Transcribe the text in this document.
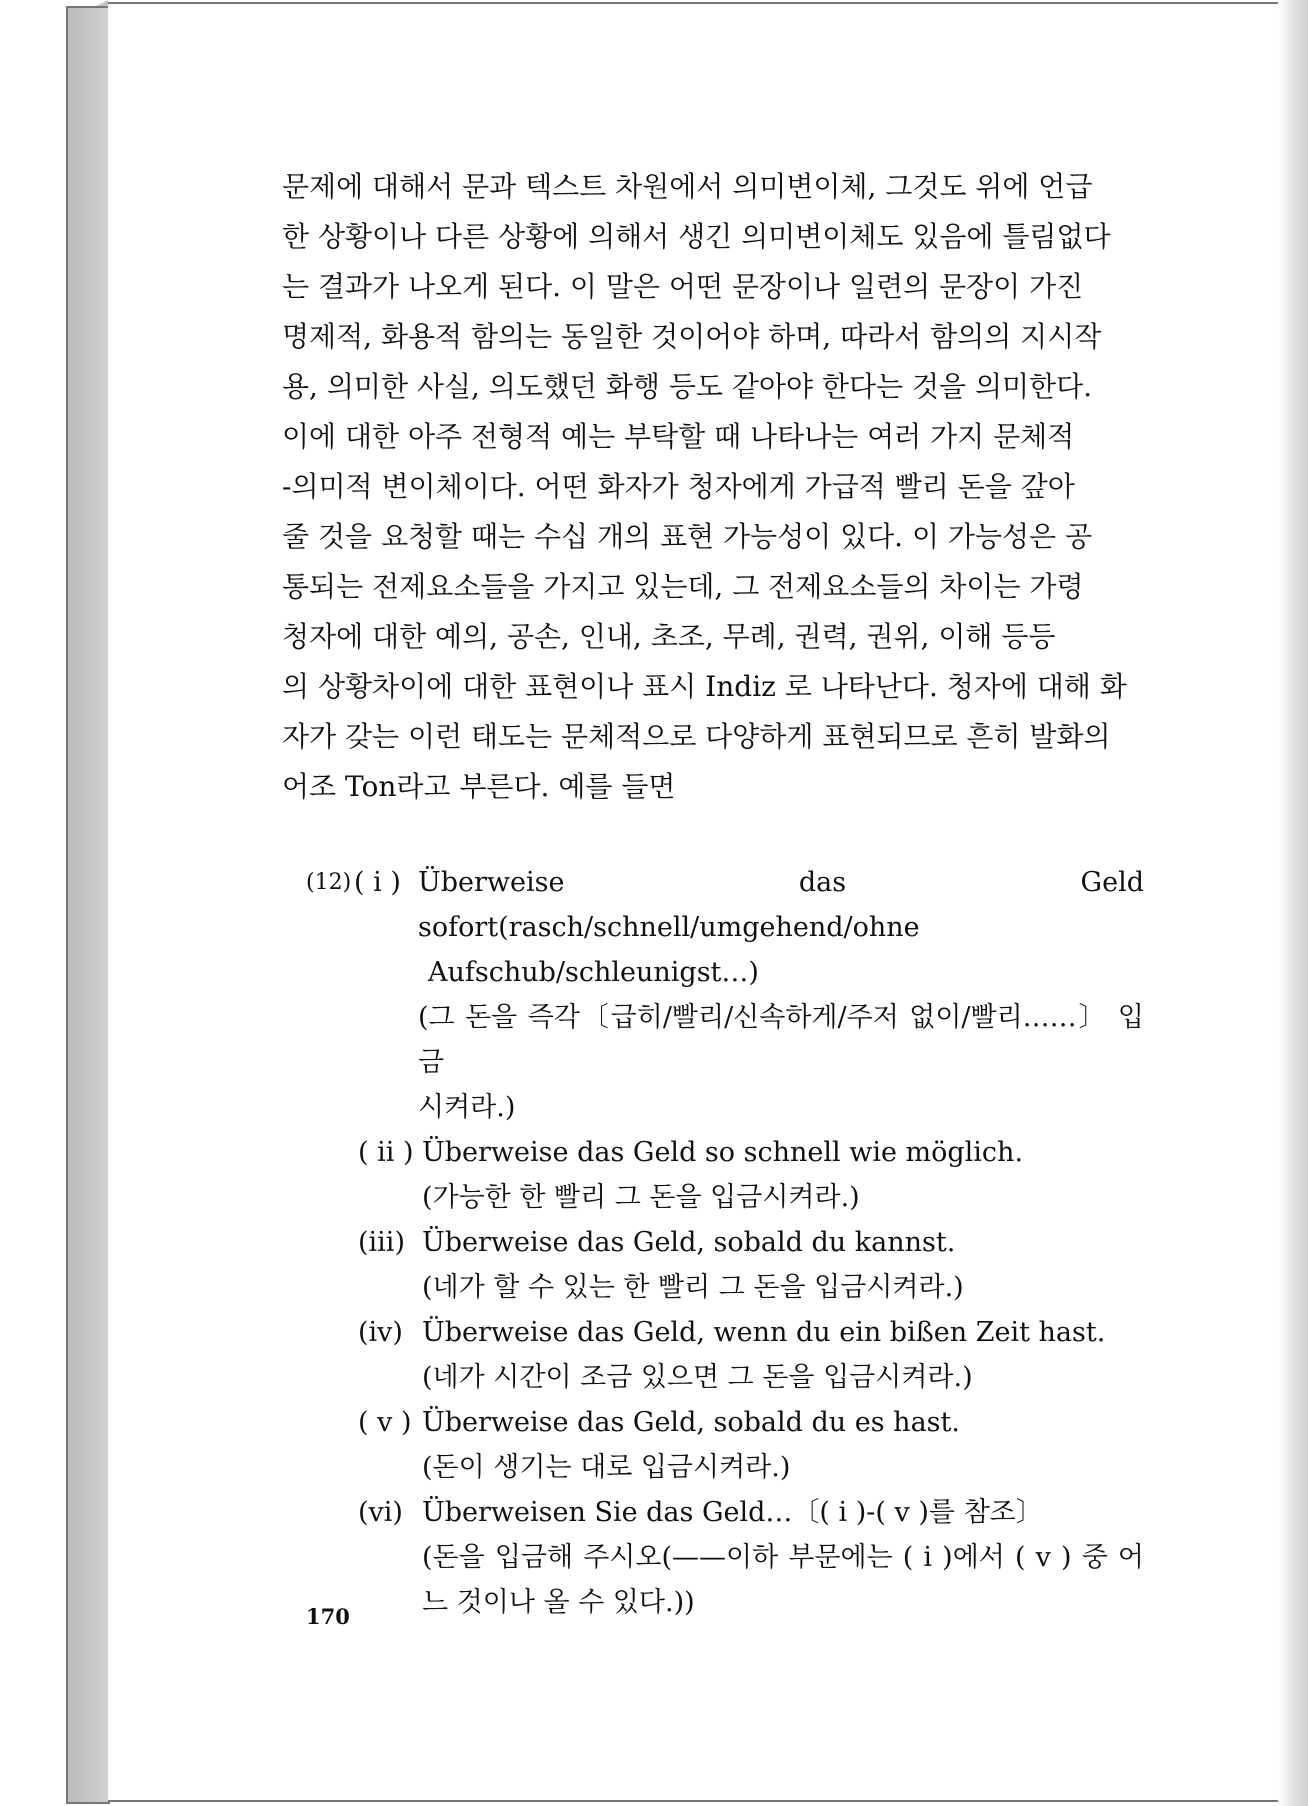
문제에 대해서 문과 텍스트 차원에서 의미변이체, 그것도 위에 언급
한 상황이나 다른 상황에 의해서 생긴 의미변이체도 있음에 틀림없다
는 결과가 나오게 된다. 이 말은 어떤 문장이나 일련의 문장이 가진
명제적, 화용적 함의는 동일한 것이어야 하며, 따라서 함의의 지시작
용, 의미한 사실, 의도했던 화행 등도 같아야 한다는 것을 의미한다.
이에 대한 아주 전형적 예는 부탁할 때 나타나는 여러 가지 문체적
-의미적 변이체이다. 어떤 화자가 청자에게 가급적 빨리 돈을 갚아
줄 것을 요청할 때는 수십 개의 표현 가능성이 있다. 이 가능성은 공
통되는 전제요소들을 가지고 있는데, 그 전제요소들의 차이는 가령
청자에 대한 예의, 공손, 인내, 초조, 무례, 권력, 권위, 이해 등등
의 상황차이에 대한 표현이나 표시 Indiz 로 나타난다. 청자에 대해 화
자가 갖는 이런 태도는 문체적으로 다양하게 표현되므로 흔히 발화의
어조 Ton라고 부른다. 예를 들면
(12) ( i ) Überweise das Geld sofort(rasch/schnell/umgehend/ohne

Aufschub/schleunigst…)

(그 돈을 즉각〔급히/빨리/신속하게/주저 없이/빨리……〕 입금

시켜라.)

( ii ) Überweise das Geld so schnell wie möglich.

(가능한 한 빨리 그 돈을 입금시켜라.)

(iii) Überweise das Geld, sobald du kannst.

(네가 할 수 있는 한 빨리 그 돈을 입금시켜라.)

(iv) Überweise das Geld, wenn du ein bißen Zeit hast.

(네가 시간이 조금 있으면 그 돈을 입금시켜라.)

( v ) Überweise das Geld, sobald du es hast.

(돈이 생기는 대로 입금시켜라.)

(vi) Überweisen Sie das Geld…〔( i )-( v )를 참조〕

(돈을 입금해 주시오(——이하 부문에는 ( i )에서 ( v ) 중 어

느 것이나 올 수 있다.))

170
